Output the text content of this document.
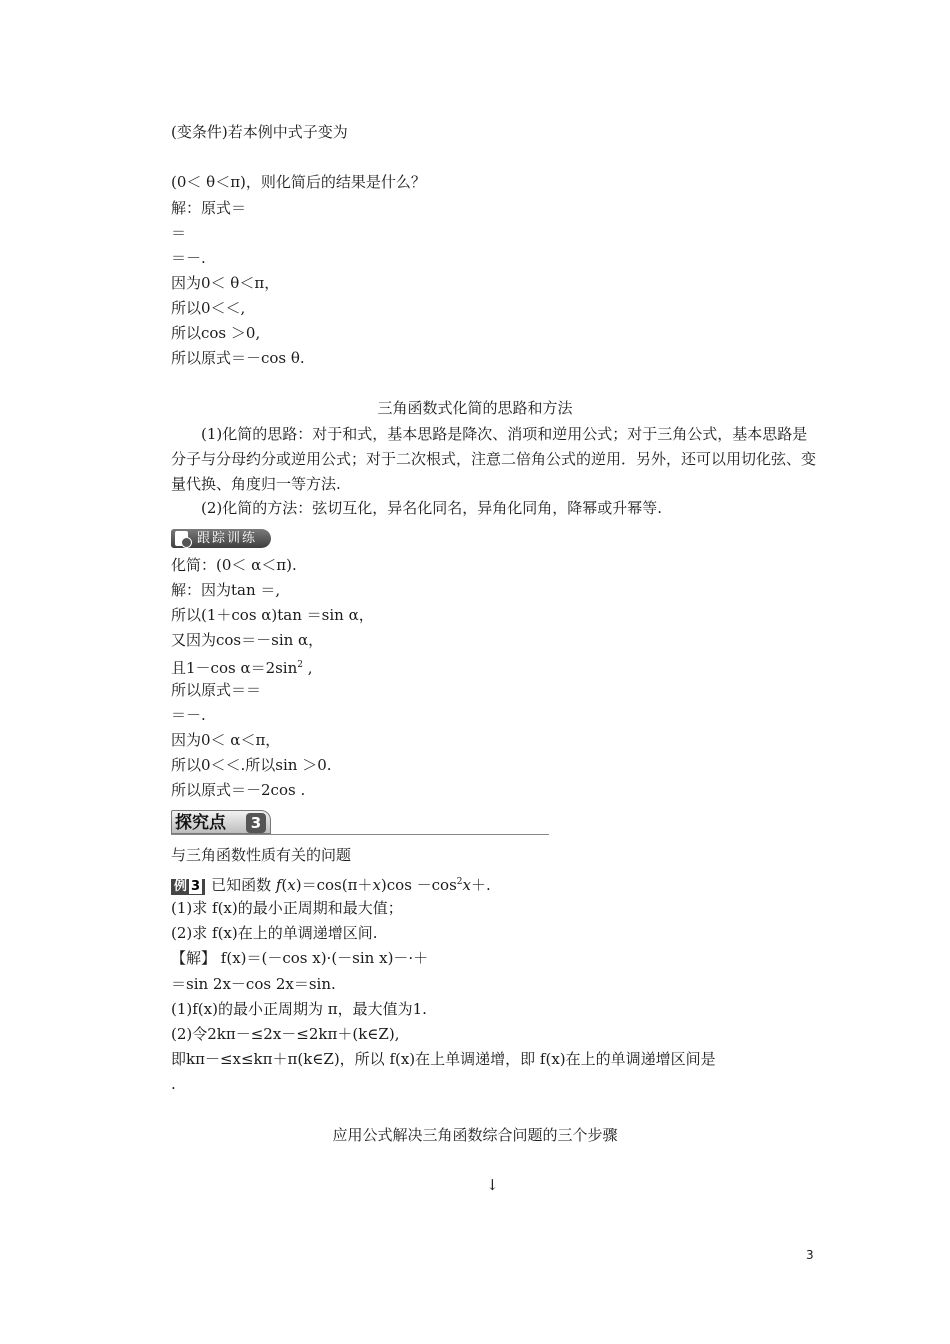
(变条件)若本例中式子变为
(0＜ θ＜π)，则化简后的结果是什么？
解：原式＝
＝
＝－.
因为0＜ θ＜π，
所以0＜＜,
所以cos ＞0,
所以原式＝－cos θ.
三角函数式化简的思路和方法
(1)化简的思路：对于和式，基本思路是降次、消项和逆用公式；对于三角公式，基本思路是分子与分母约分或逆用公式；对于二次根式，注意二倍角公式的逆用．另外，还可以用切化弦、变量代换、角度归一等方法.
(2)化简的方法：弦切互化，异名化同名，异角化同角，降幂或升幂等.
跟踪训练
化简：(0＜ α＜π).
解：因为tan ＝,
所以(1＋cos α)tan ＝sin α，
又因为cos＝－sin α，
且1－cos $\alpha=2\sin^2$ ,
所以原式＝＝
＝－.
因为0＜ α＜π，
所以0＜＜.所以sin ＞0.
所以原式＝－2cos .
探究点	3
与三角函数性质有关的问题
例 3 已知函数 $f(x)=\cos(\pi+x)\cos -\cos^2x+$.
(1)求 f(x)的最小正周期和最大值；
(2)求 f(x)在上的单调递增区间.
【解】 f(x)＝(－cos x)·(－sin x)－·＋
＝sin 2x－cos 2x＝sin.
(1)f(x)的最小正周期为 π，最大值为1.
(2)令2kπ－≤2x－≤2kπ＋(k∈Z),
即kπ－≤x≤kπ＋π(k∈Z)，所以 f(x)在上单调递增，即 f(x)在上的单调递增区间是
.
应用公式解决三角函数综合问题的三个步骤
↓
3
